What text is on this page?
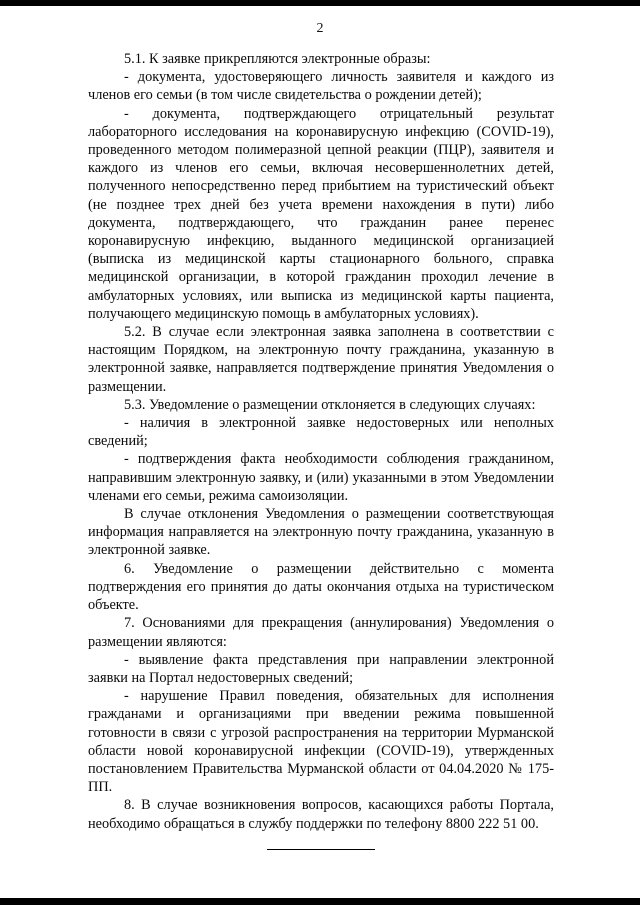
2

5.1. К заявке прикрепляются электронные образы:

- документа, удостоверяющего личность заявителя и каждого из членов его семьи (в том числе свидетельства о рождении детей);

- документа, подтверждающего отрицательный результат лабораторного исследования на коронавирусную инфекцию (COVID-19), проведенного методом полимеразной цепной реакции (ПЦР), заявителя и каждого из членов его семьи, включая несовершеннолетних детей, полученного непосредственно перед прибытием на туристический объект (не позднее трех дней без учета времени нахождения в пути) либо документа, подтверждающего, что гражданин ранее перенес коронавирусную инфекцию, выданного медицинской организацией (выписка из медицинской карты стационарного больного, справка медицинской организации, в которой гражданин проходил лечение в амбулаторных условиях, или выписка из медицинской карты пациента, получающего медицинскую помощь в амбулаторных условиях).

5.2. В случае если электронная заявка заполнена в соответствии с настоящим Порядком, на электронную почту гражданина, указанную в электронной заявке, направляется подтверждение принятия Уведомления о размещении.

5.3. Уведомление о размещении отклоняется в следующих случаях:

- наличия в электронной заявке недостоверных или неполных сведений;

- подтверждения факта необходимости соблюдения гражданином, направившим электронную заявку, и (или) указанными в этом Уведомлении членами его семьи, режима самоизоляции.

В случае отклонения Уведомления о размещении соответствующая информация направляется на электронную почту гражданина, указанную в электронной заявке.

6. Уведомление о размещении действительно с момента подтверждения его принятия до даты окончания отдыха на туристическом объекте.

7. Основаниями для прекращения (аннулирования) Уведомления о размещении являются:

- выявление факта представления при направлении электронной заявки на Портал недостоверных сведений;

- нарушение Правил поведения, обязательных для исполнения гражданами и организациями при введении режима повышенной готовности в связи с угрозой распространения на территории Мурманской области новой коронавирусной инфекции (COVID-19), утвержденных постановлением Правительства Мурманской области от 04.04.2020 № 175-ПП.

8. В случае возникновения вопросов, касающихся работы Портала, необходимо обращаться в службу поддержки по телефону 8800 222 51 00.
